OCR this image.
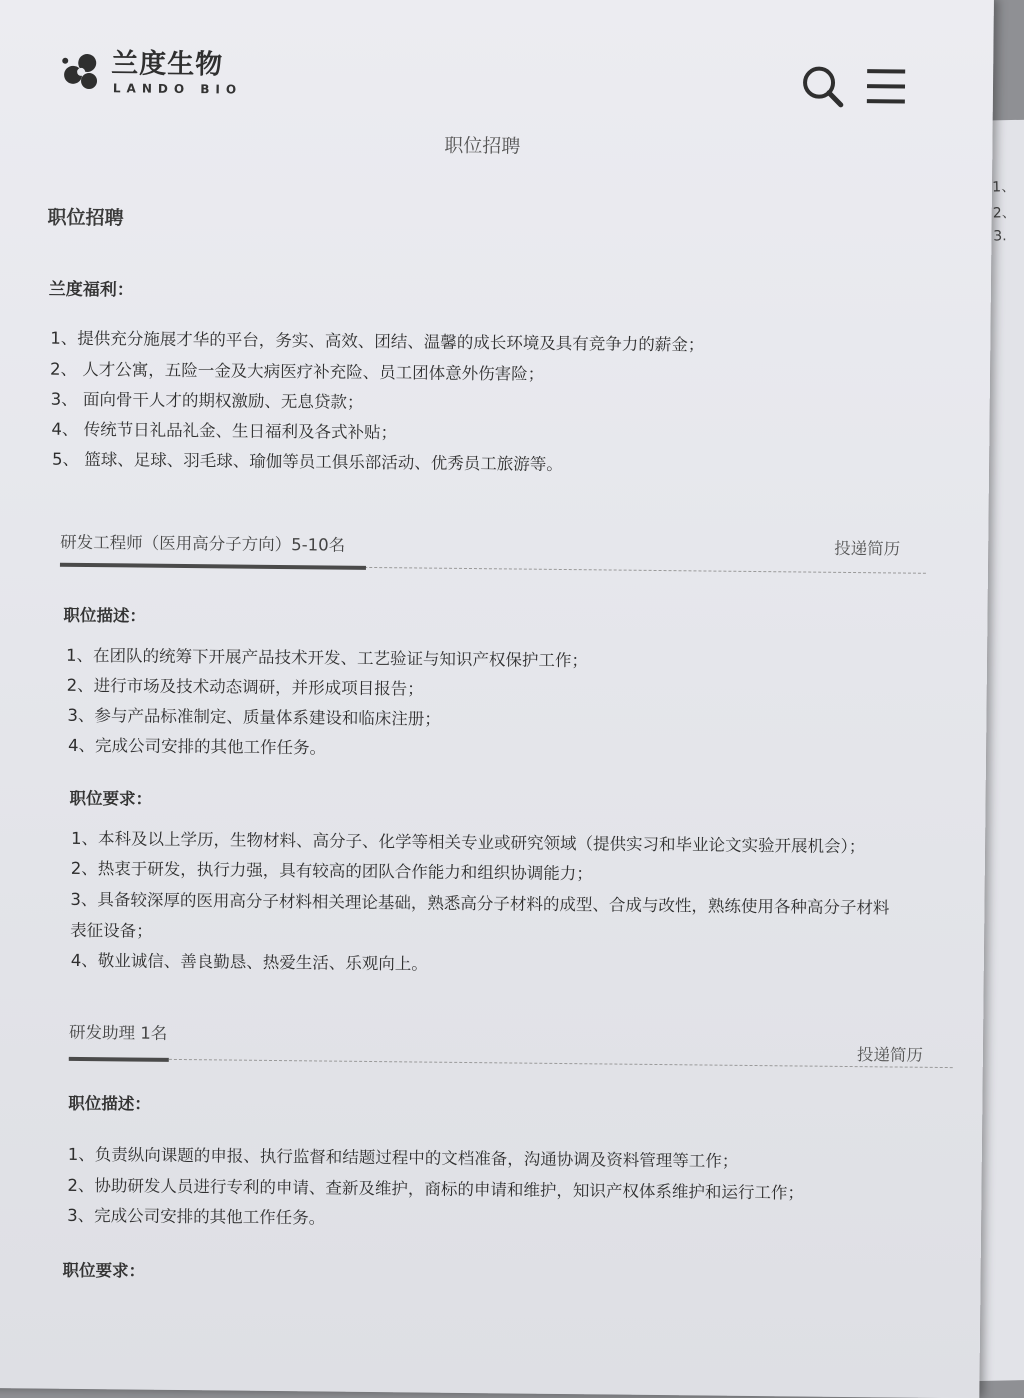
1、
2、
3.
兰度生物
LANDO BIO
职位招聘
职位招聘
兰度福利：
1、提供充分施展才华的平台，务实、高效、团结、温馨的成长环境及具有竞争力的薪金；
2、 人才公寓，五险一金及大病医疗补充险、员工团体意外伤害险；
3、 面向骨干人才的期权激励、无息贷款；
4、 传统节日礼品礼金、生日福利及各式补贴；
5、 篮球、足球、羽毛球、瑜伽等员工俱乐部活动、优秀员工旅游等。
研发工程师（医用高分子方向）5-10名	投递简历
职位描述：
1、在团队的统筹下开展产品技术开发、工艺验证与知识产权保护工作；
2、进行市场及技术动态调研，并形成项目报告；
3、参与产品标准制定、质量体系建设和临床注册；
4、完成公司安排的其他工作任务。
职位要求：
1、本科及以上学历，生物材料、高分子、化学等相关专业或研究领域（提供实习和毕业论文实验开展机会）；
2、热衷于研发，执行力强，具有较高的团队合作能力和组织协调能力；
3、具备较深厚的医用高分子材料相关理论基础，熟悉高分子材料的成型、合成与改性，熟练使用各种高分子材料
表征设备；
4、敬业诚信、善良勤恳、热爱生活、乐观向上。
研发助理 1名
投递简历
职位描述：
1、负责纵向课题的申报、执行监督和结题过程中的文档准备，沟通协调及资料管理等工作；
2、协助研发人员进行专利的申请、查新及维护，商标的申请和维护，知识产权体系维护和运行工作；
3、完成公司安排的其他工作任务。
职位要求：
